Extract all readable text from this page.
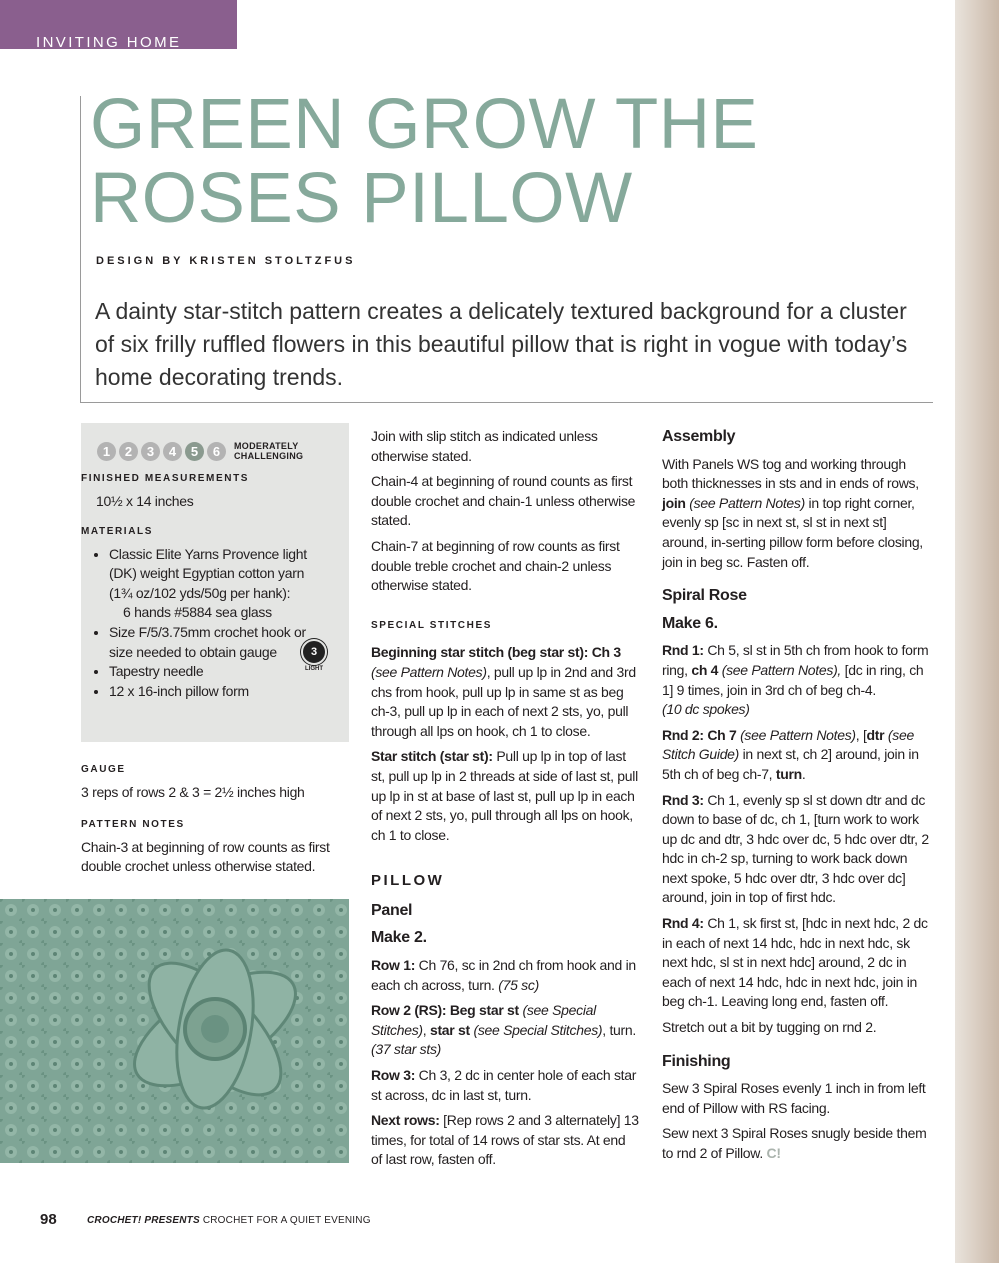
INVITING HOME
GREEN GROW THE
ROSES PILLOW
DESIGN BY KRISTEN STOLTZFUS
A dainty star-stitch pattern creates a delicately textured background for a cluster of six frilly ruffled flowers in this beautiful pillow that is right in vogue with today’s home decorating trends.
1	2	3	4	5	6	MODERATELY
CHALLENGING
FINISHED MEASUREMENTS
10½ x 14 inches
MATERIALS
• Classic Elite Yarns Provence light (DK) weight Egyptian cotton yarn (1¾ oz/102 yds/50g per hank):
6 hands #5884 sea glass
• Size F/5/3.75mm crochet hook or size needed to obtain gauge
• Tapestry needle
• 12 x 16-inch pillow form
3
LIGHT
GAUGE
3 reps of rows 2 & 3 = 2½ inches high
PATTERN NOTES
Chain-3 at beginning of row counts as first double crochet unless otherwise stated.

Join with slip stitch as indicated unless otherwise stated.

Chain-4 at beginning of round counts as first double crochet and chain-1 unless otherwise stated.

Chain-7 at beginning of row counts as first double treble crochet and chain-2 unless otherwise stated.

SPECIAL STITCHES

Beginning star stitch (beg star st): Ch 3 (see Pattern Notes), pull up lp in 2nd and 3rd chs from hook, pull up lp in same st as beg ch-3, pull up lp in each of next 2 sts, yo, pull through all lps on hook, ch 1 to close.

Star stitch (star st): Pull up lp in top of last st, pull up lp in 2 threads at side of last st, pull up lp in st at base of last st, pull up lp in each of next 2 sts, yo, pull through all lps on hook, ch 1 to close.

PILLOW
Panel
Make 2.

Row 1: Ch 76, sc in 2nd ch from hook and in each ch across, turn. (75 sc)

Row 2 (RS): Beg star st (see Special Stitches), star st (see Special Stitches), turn. (37 star sts)

Row 3: Ch 3, 2 dc in center hole of each star st across, dc in last st, turn.

Next rows: [Rep rows 2 and 3 alternately] 13 times, for total of 14 rows of star sts. At end of last row, fasten off.

Assembly

With Panels WS tog and working through both thicknesses in sts and in ends of rows, join (see Pattern Notes) in top right corner, evenly sp [sc in next st, sl st in next st] around, in-serting pillow form before closing, join in beg sc. Fasten off.

Spiral Rose
Make 6.

Rnd 1: Ch 5, sl st in 5th ch from hook to form ring, ch 4 (see Pattern Notes), [dc in ring, ch 1] 9 times, join in 3rd ch of beg ch-4.
(10 dc spokes)

Rnd 2: Ch 7 (see Pattern Notes), [dtr (see Stitch Guide) in next st, ch 2] around, join in 5th ch of beg ch-7, turn.

Rnd 3: Ch 1, evenly sp sl st down dtr and dc down to base of dc, ch 1, [turn work to work up dc and dtr, 3 hdc over dc, 5 hdc over dtr, 2 hdc in ch-2 sp, turning to work back down next spoke, 5 hdc over dtr, 3 hdc over dc] around, join in top of first hdc.

Rnd 4: Ch 1, sk first st, [hdc in next hdc, 2 dc in each of next 14 hdc, hdc in next hdc, sk next hdc, sl st in next hdc] around, 2 dc in each of next 14 hdc, hdc in next hdc, join in beg ch-1. Leaving long end, fasten off.

Stretch out a bit by tugging on rnd 2.

Finishing

Sew 3 Spiral Roses evenly 1 inch in from left end of Pillow with RS facing.

Sew next 3 Spiral Roses snugly beside them to rnd 2 of Pillow. C!

98	CROCHET! PRESENTS CROCHET FOR A QUIET EVENING
